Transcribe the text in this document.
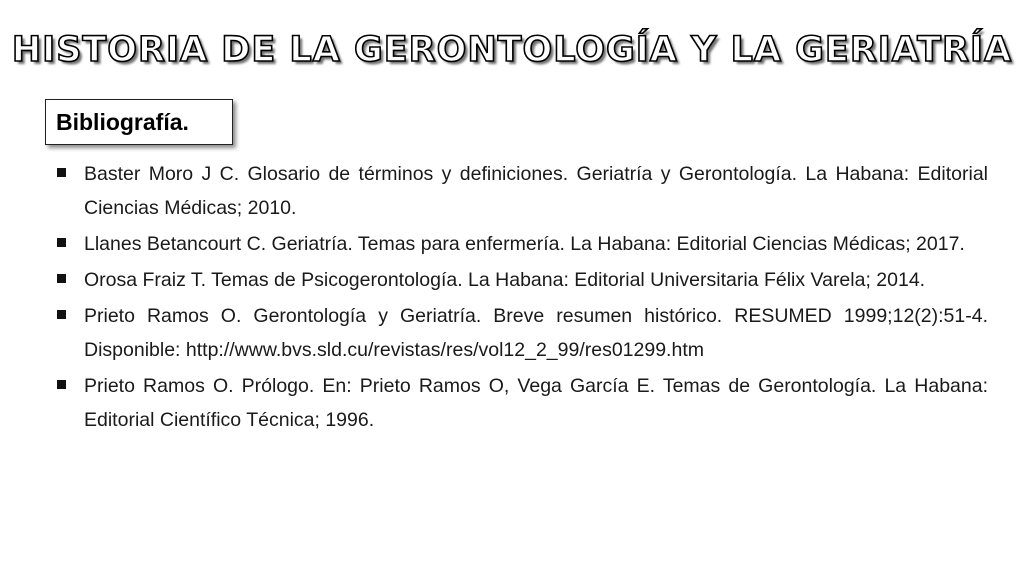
HISTORIA DE LA GERONTOLOGÍA Y LA GERIATRÍA
Bibliografía.
Baster Moro J C. Glosario de términos y definiciones. Geriatría y Gerontología. La Habana: Editorial Ciencias Médicas; 2010.
Llanes Betancourt C. Geriatría. Temas para enfermería. La Habana: Editorial Ciencias Médicas; 2017.
Orosa Fraiz T. Temas de Psicogerontología. La Habana: Editorial Universitaria Félix Varela; 2014.
Prieto Ramos O. Gerontología y Geriatría. Breve resumen histórico. RESUMED 1999;12(2):51-4. Disponible: http://www.bvs.sld.cu/revistas/res/vol12_2_99/res01299.htm
Prieto Ramos O. Prólogo. En: Prieto Ramos O, Vega García E. Temas de Gerontología. La Habana: Editorial Científico Técnica; 1996.
